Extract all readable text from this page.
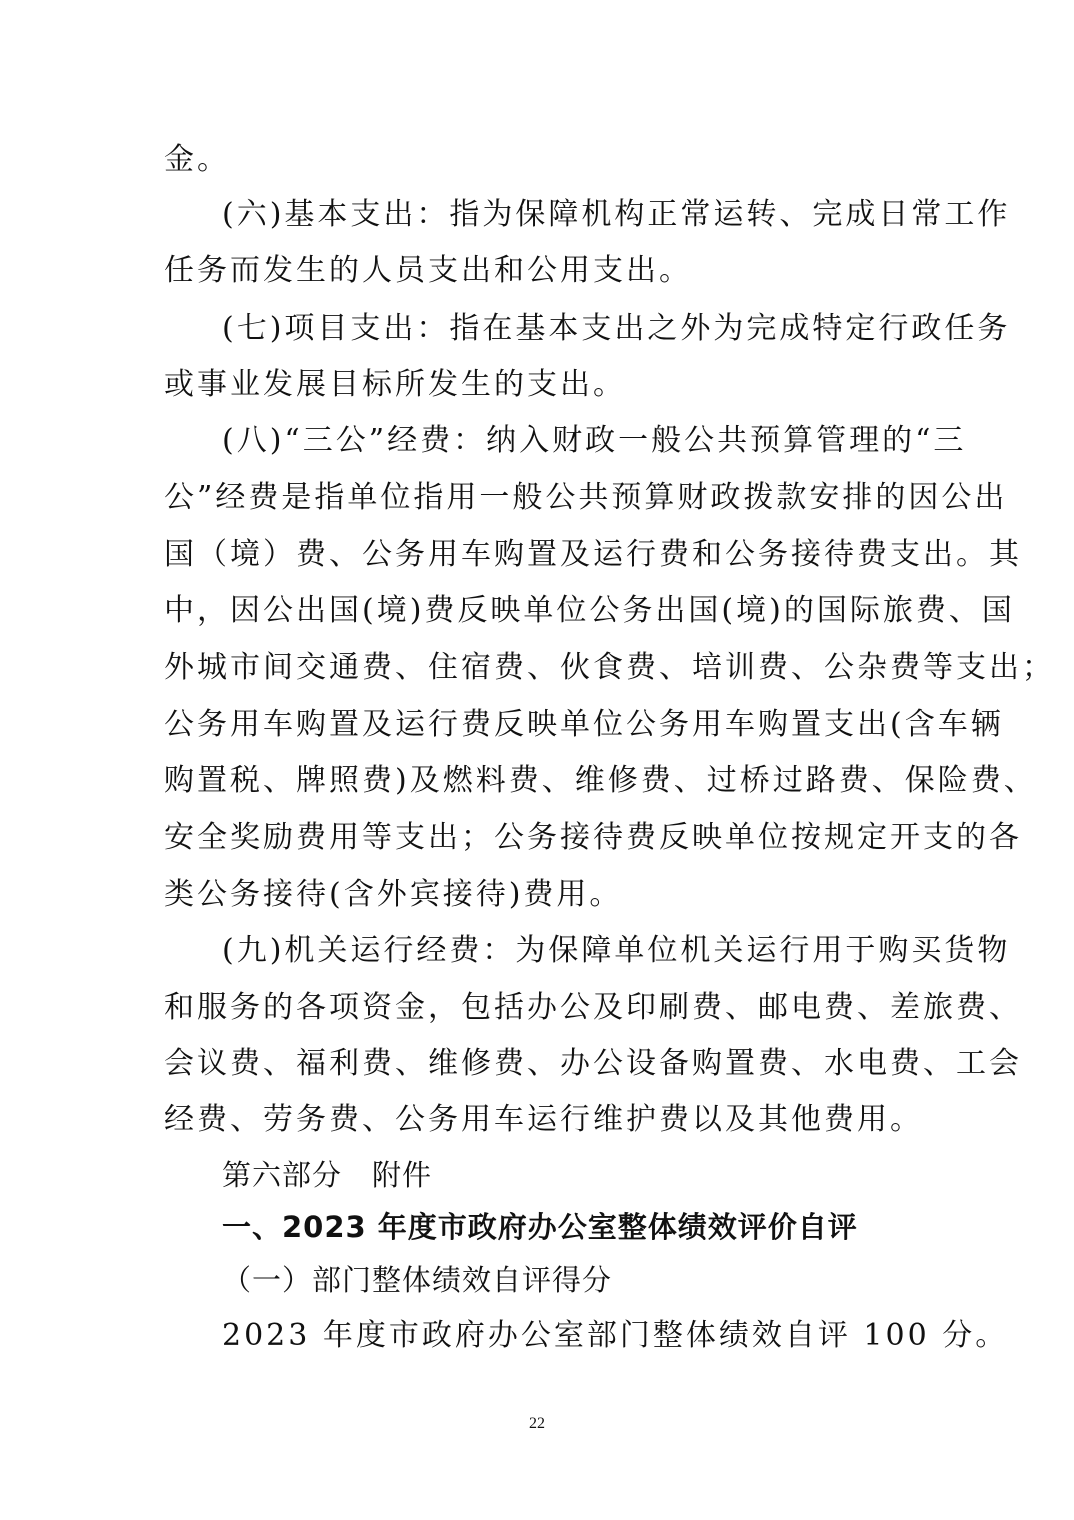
金。
(六)基本支出：指为保障机构正常运转、完成日常工作
任务而发生的人员支出和公用支出。
(七)项目支出：指在基本支出之外为完成特定行政任务
或事业发展目标所发生的支出。
(八)“三公”经费：纳入财政一般公共预算管理的“三
公”经费是指单位指用一般公共预算财政拨款安排的因公出
国（境）费、公务用车购置及运行费和公务接待费支出。其
中，因公出国(境)费反映单位公务出国(境)的国际旅费、国
外城市间交通费、住宿费、伙食费、培训费、公杂费等支出；
公务用车购置及运行费反映单位公务用车购置支出(含车辆
购置税、牌照费)及燃料费、维修费、过桥过路费、保险费、
安全奖励费用等支出；公务接待费反映单位按规定开支的各
类公务接待(含外宾接待)费用。
(九)机关运行经费：为保障单位机关运行用于购买货物
和服务的各项资金，包括办公及印刷费、邮电费、差旅费、
会议费、福利费、维修费、办公设备购置费、水电费、工会
经费、劳务费、公务用车运行维护费以及其他费用。
第六部分　附件
一、2023 年度市政府办公室整体绩效评价自评
（一）部门整体绩效自评得分
2023 年度市政府办公室部门整体绩效自评 100 分。
22
